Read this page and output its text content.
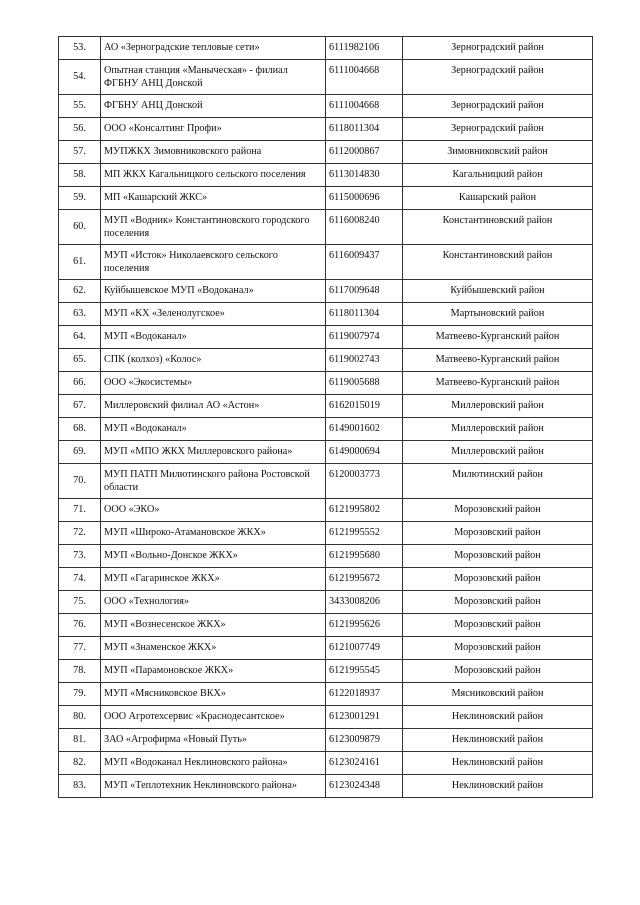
53.	АО «Зерноградские тепловые сети»	6111982106	Зерноградский район
54.	Опытная станция «Маныческая» - филиал ФГБНУ АНЦ Донской	6111004668	Зерноградский район
55.	ФГБНУ АНЦ Донской	6111004668	Зерноградский район
56.	ООО «Консалтинг Профи»	6118011304	Зерноградский район
57.	МУПЖКХ Зимовниковского района	6112000867	Зимовниковский район
58.	МП ЖКХ Кагальницкого сельского поселения	6113014830	Кагальницкий район
59.	МП «Кашарский ЖКС»	6115000696	Кашарский район
60.	МУП «Водник» Константиновского городского поселения	6116008240	Константиновский район
61.	МУП «Исток» Николаевского сельского поселения	6116009437	Константиновский район
62.	Куйбышевское МУП «Водоканал»	6117009648	Куйбышевский район
63.	МУП «КХ «Зеленолугское»	6118011304	Мартыновский район
64.	МУП «Водоканал»	6119007974	Матвеево-Курганский район
65.	СПК (колхоз) «Колос»	6119002743	Матвеево-Курганский район
66.	ООО «Экосистемы»	6119005688	Матвеево-Курганский район
67.	Миллеровский филиал АО «Астон»	6162015019	Миллеровский район
68.	МУП «Водоканал»	6149001602	Миллеровский район
69.	МУП «МПО ЖКХ Миллеровского района»	6149000694	Миллеровский район
70.	МУП ПАТП Милютинского района Ростовской области	6120003773	Милютинский район
71.	ООО «ЭКО»	6121995802	Морозовский район
72.	МУП «Широко-Атамановское ЖКХ»	6121995552	Морозовский район
73.	МУП «Вольно-Донское ЖКХ»	6121995680	Морозовский район
74.	МУП «Гагаринское ЖКХ»	6121995672	Морозовский район
75.	ООО «Технология»	3433008206	Морозовский район
76.	МУП «Вознесенское ЖКХ»	6121995626	Морозовский район
77.	МУП «Знаменское ЖКХ»	6121007749	Морозовский район
78.	МУП «Парамоновское ЖКХ»	6121995545	Морозовский район
79.	МУП «Мясниковское ВКХ»	6122018937	Мясниковский район
80.	ООО Агротехсервис «Краснодесантское»	6123001291	Неклиновский район
81.	ЗАО «Агрофирма «Новый Путь»	6123009879	Неклиновский район
82.	МУП «Водоканал Неклиновского района»	6123024161	Неклиновский район
83.	МУП «Теплотехник Неклиновского района»	6123024348	Неклиновский район
